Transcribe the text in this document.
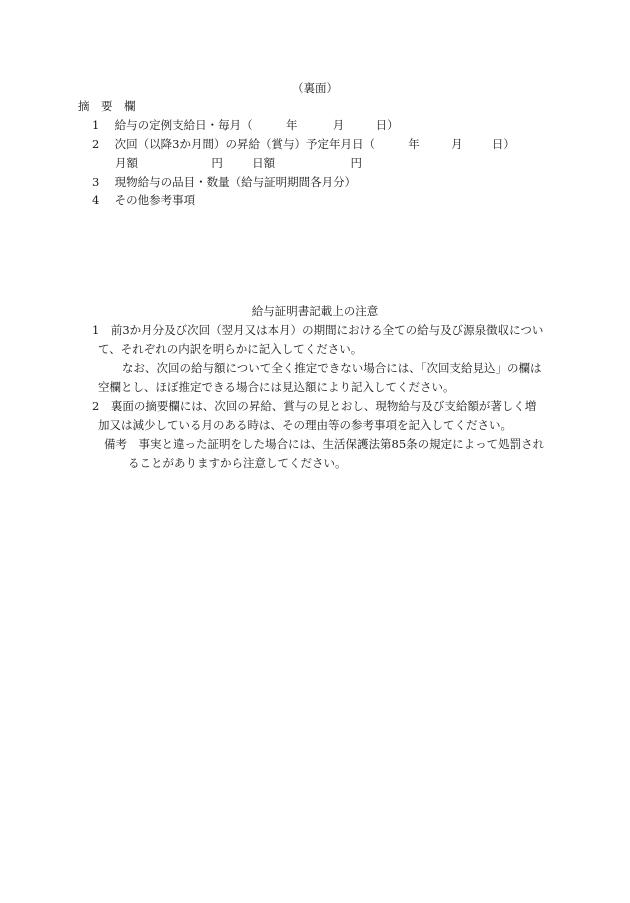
（裏面）
摘　要　欄
1 給与の定例支給日・毎月（	年	月	日）
2 次回（以降3か月間）の昇給（賞与）予定年月日（	年	月	日）
月額	円	日額	円
3 現物給与の品目・数量（給与証明期間各月分）
4 その他参考事項
給与証明書記載上の注意
1　前3か月分及び次回（翌月又は本月）の期間における全ての給与及び源泉徴収につい
て、それぞれの内訳を明らかに記入してください。
なお、次回の給与額について全く推定できない場合には、「次回支給見込」の欄は
空欄とし、ほぼ推定できる場合には見込額により記入してください。
2　裏面の摘要欄には、次回の昇給、賞与の見とおし、現物給与及び支給額が著しく増
加又は減少している月のある時は、その理由等の参考事項を記入してください。
備考　事実と違った証明をした場合には、生活保護法第85条の規定によって処罰され
ることがありますから注意してください。
